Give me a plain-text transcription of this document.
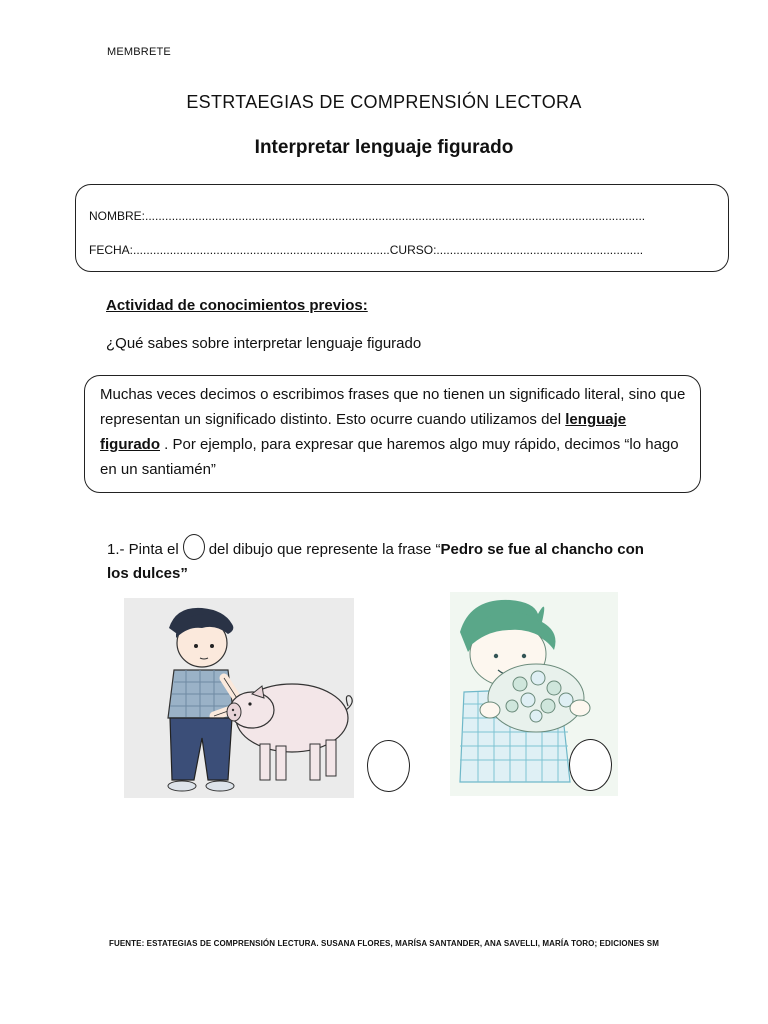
MEMBRETE
ESTRTAEGIAS DE COMPRENSIÓN LECTORA
Interpretar lenguaje figurado
NOMBRE:......................................................................................................................................................
FECHA:.............................................................................CURSO:..............................................................
Actividad de conocimientos previos:
¿Qué sabes sobre interpretar lenguaje figurado
Muchas veces decimos o escribimos frases que no tienen un significado literal, sino que representan un significado distinto. Esto ocurre cuando utilizamos del lenguaje figurado . Por ejemplo, para expresar que haremos algo muy rápido, decimos “lo hago en un santiamén”
1.- Pinta el del dibujo que represente la frase “Pedro se fue al chancho con los dulces”
FUENTE: ESTATEGIAS DE COMPRENSIÓN LECTURA. SUSANA FLORES, MARÍSA SANTANDER, ANA SAVELLI, MARÍA TORO; EDICIONES SM
